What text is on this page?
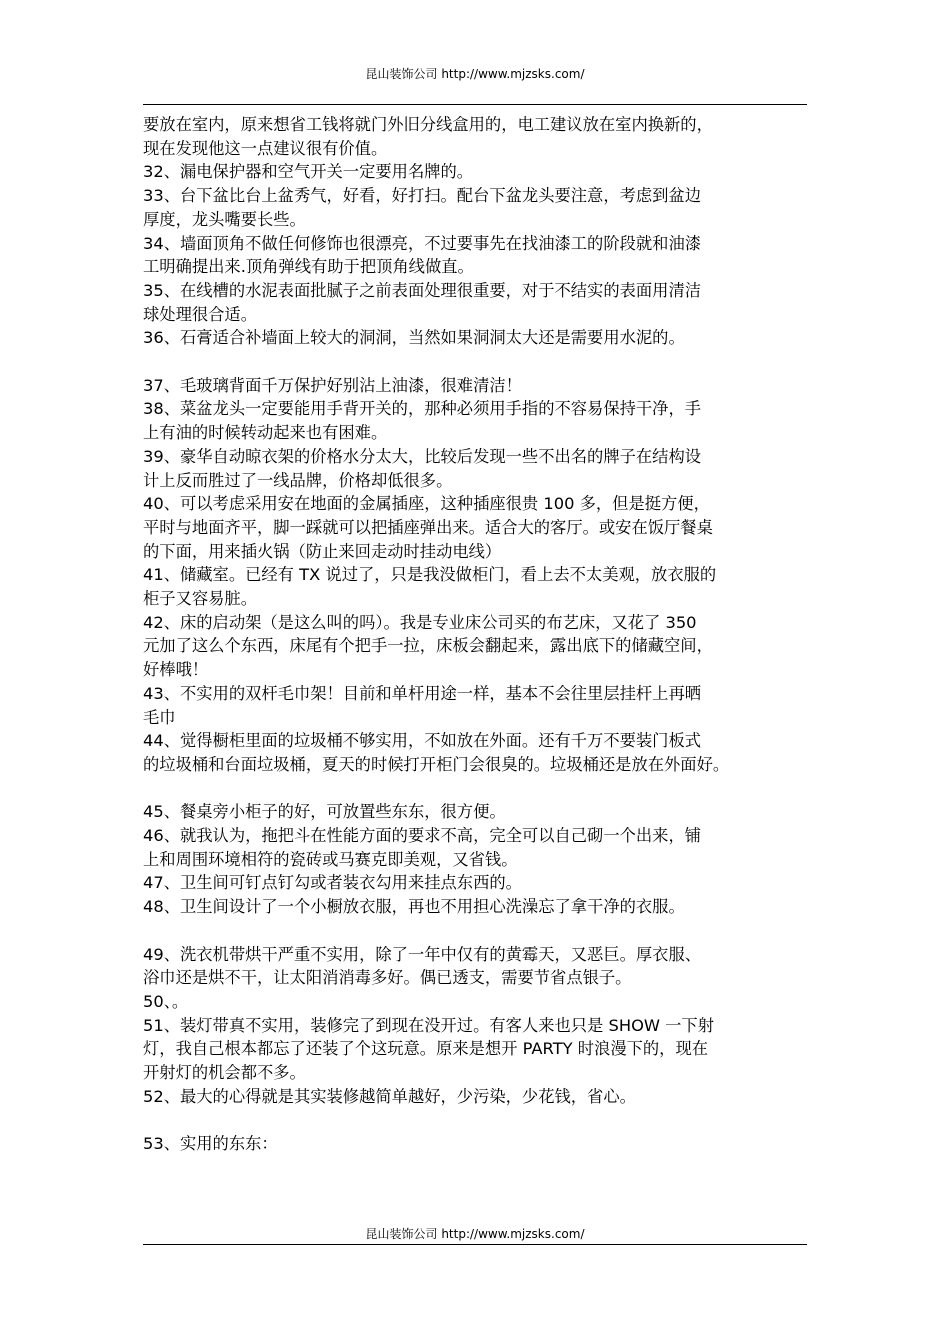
昆山装饰公司 http://www.mjzsks.com/

要放在室内，原来想省工钱将就门外旧分线盒用的，电工建议放在室内换新的，

现在发现他这一点建议很有价值。

32、漏电保护器和空气开关一定要用名牌的。

33、台下盆比台上盆秀气，好看，好打扫。配台下盆龙头要注意，考虑到盆边

厚度，龙头嘴要长些。

34、墙面顶角不做任何修饰也很漂亮，不过要事先在找油漆工的阶段就和油漆

工明确提出来.顶角弹线有助于把顶角线做直。

35、在线槽的水泥表面批腻子之前表面处理很重要，对于不结实的表面用清洁

球处理很合适。

36、石膏适合补墙面上较大的洞洞，当然如果洞洞太大还是需要用水泥的。

37、毛玻璃背面千万保护好别沾上油漆，很难清洁！

38、菜盆龙头一定要能用手背开关的，那种必须用手指的不容易保持干净，手

上有油的时候转动起来也有困难。

39、豪华自动晾衣架的价格水分太大，比较后发现一些不出名的牌子在结构设

计上反而胜过了一线品牌，价格却低很多。

40、可以考虑采用安在地面的金属插座，这种插座很贵 100 多，但是挺方便，

平时与地面齐平，脚一踩就可以把插座弹出来。适合大的客厅。或安在饭厅餐桌

的下面，用来插火锅（防止来回走动时挂动电线）

41、储藏室。已经有 TX 说过了，只是我没做柜门，看上去不太美观，放衣服的

柜子又容易脏。

42、床的启动架（是这么叫的吗）。我是专业床公司买的布艺床，又花了 350

元加了这么个东西，床尾有个把手一拉，床板会翻起来，露出底下的储藏空间，

好棒哦！

43、不实用的双杆毛巾架！目前和单杆用途一样，基本不会往里层挂杆上再晒

毛巾

44、觉得橱柜里面的垃圾桶不够实用，不如放在外面。还有千万不要装门板式

的垃圾桶和台面垃圾桶，夏天的时候打开柜门会很臭的。垃圾桶还是放在外面好。

45、餐桌旁小柜子的好，可放置些东东，很方便。

46、就我认为，拖把斗在性能方面的要求不高，完全可以自己砌一个出来，铺

上和周围环境相符的瓷砖或马赛克即美观，又省钱。

47、卫生间可钉点钉勾或者装衣勾用来挂点东西的。

48、卫生间设计了一个小橱放衣服，再也不用担心洗澡忘了拿干净的衣服。

49、洗衣机带烘干严重不实用，除了一年中仅有的黄霉天，又恶巨。厚衣服、

浴巾还是烘不干，让太阳消消毒多好。偶已透支，需要节省点银子。

50、。

51、装灯带真不实用，装修完了到现在没开过。有客人来也只是 SHOW 一下射

灯，我自己根本都忘了还装了个这玩意。原来是想开 PARTY 时浪漫下的，现在

开射灯的机会都不多。

52、最大的心得就是其实装修越简单越好，少污染，少花钱，省心。

53、实用的东东：

昆山装饰公司 http://www.mjzsks.com/
